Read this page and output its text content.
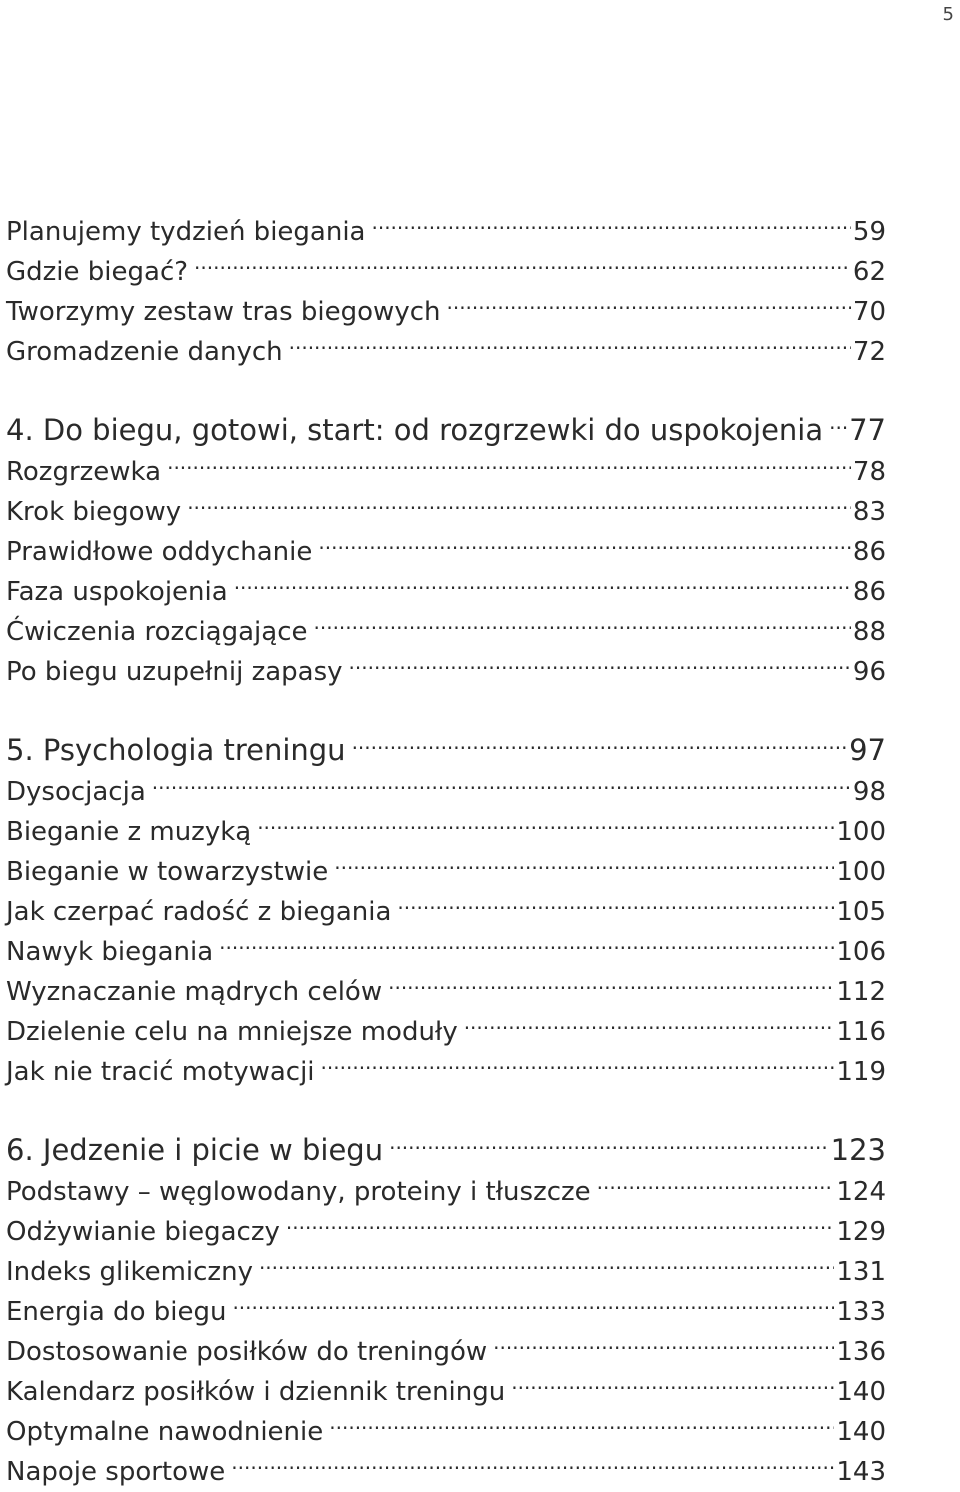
5
Planujemy tydzień biegania .....	59
Gdzie biegać? .....	62
Tworzymy zestaw tras biegowych .....	70
Gromadzenie danych .....	72
4. Do biegu, gotowi, start: od rozgrzewki do uspokojenia ..... 77
Rozgrzewka .....	78
Krok biegowy .....	83
Prawidłowe oddychanie .....	86
Faza uspokojenia .....	86
Ćwiczenia rozciągające .....	88
Po biegu uzupełnij zapasy .....	96
5. Psychologia treningu .....	97
Dysocjacja .....	98
Bieganie z muzyką .....	100
Bieganie w towarzystwie .....	100
Jak czerpać radość z biegania .....	105
Nawyk biegania .....	106
Wyznaczanie mądrych celów .....	112
Dzielenie celu na mniejsze moduły .....	116
Jak nie tracić motywacji .....	119
6. Jedzenie i picie w biegu .....	123
Podstawy – węglowodany, proteiny i tłuszcze .....	124
Odżywianie biegaczy .....	129
Indeks glikemiczny .....	131
Energia do biegu .....	133
Dostosowanie posiłków do treningów .....	136
Kalendarz posiłków i dziennik treningu .....	140
Optymalne nawodnienie .....	140
Napoje sportowe .....	143
